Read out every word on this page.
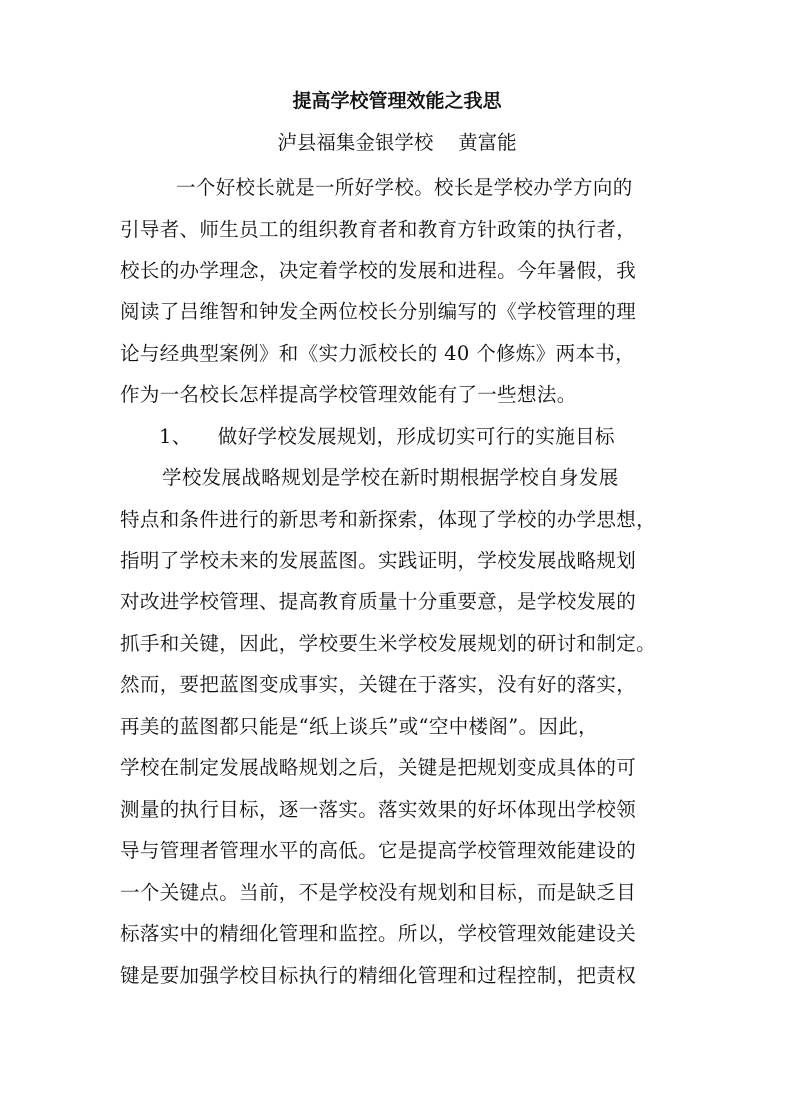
提高学校管理效能之我思
泸县福集金银学校    黄富能
一个好校长就是一所好学校。校长是学校办学方向的
引导者、师生员工的组织教育者和教育方针政策的执行者，
校长的办学理念，决定着学校的发展和进程。今年暑假，我
阅读了吕维智和钟发全两位校长分别编写的《学校管理的理
论与经典型案例》和《实力派校长的 40 个修炼》两本书，
作为一名校长怎样提高学校管理效能有了一些想法。
1、    做好学校发展规划，形成切实可行的实施目标
学校发展战略规划是学校在新时期根据学校自身发展
特点和条件进行的新思考和新探索，体现了学校的办学思想，
指明了学校未来的发展蓝图。实践证明，学校发展战略规划
对改进学校管理、提高教育质量十分重要意，是学校发展的
抓手和关键，因此，学校要生米学校发展规划的研讨和制定。
然而，要把蓝图变成事实，关键在于落实，没有好的落实，
再美的蓝图都只能是“纸上谈兵”或“空中楼阁”。因此，
学校在制定发展战略规划之后，关键是把规划变成具体的可
测量的执行目标，逐一落实。落实效果的好坏体现出学校领
导与管理者管理水平的高低。它是提高学校管理效能建设的
一个关键点。当前，不是学校没有规划和目标，而是缺乏目
标落实中的精细化管理和监控。所以，学校管理效能建设关
键是要加强学校目标执行的精细化管理和过程控制，把责权
